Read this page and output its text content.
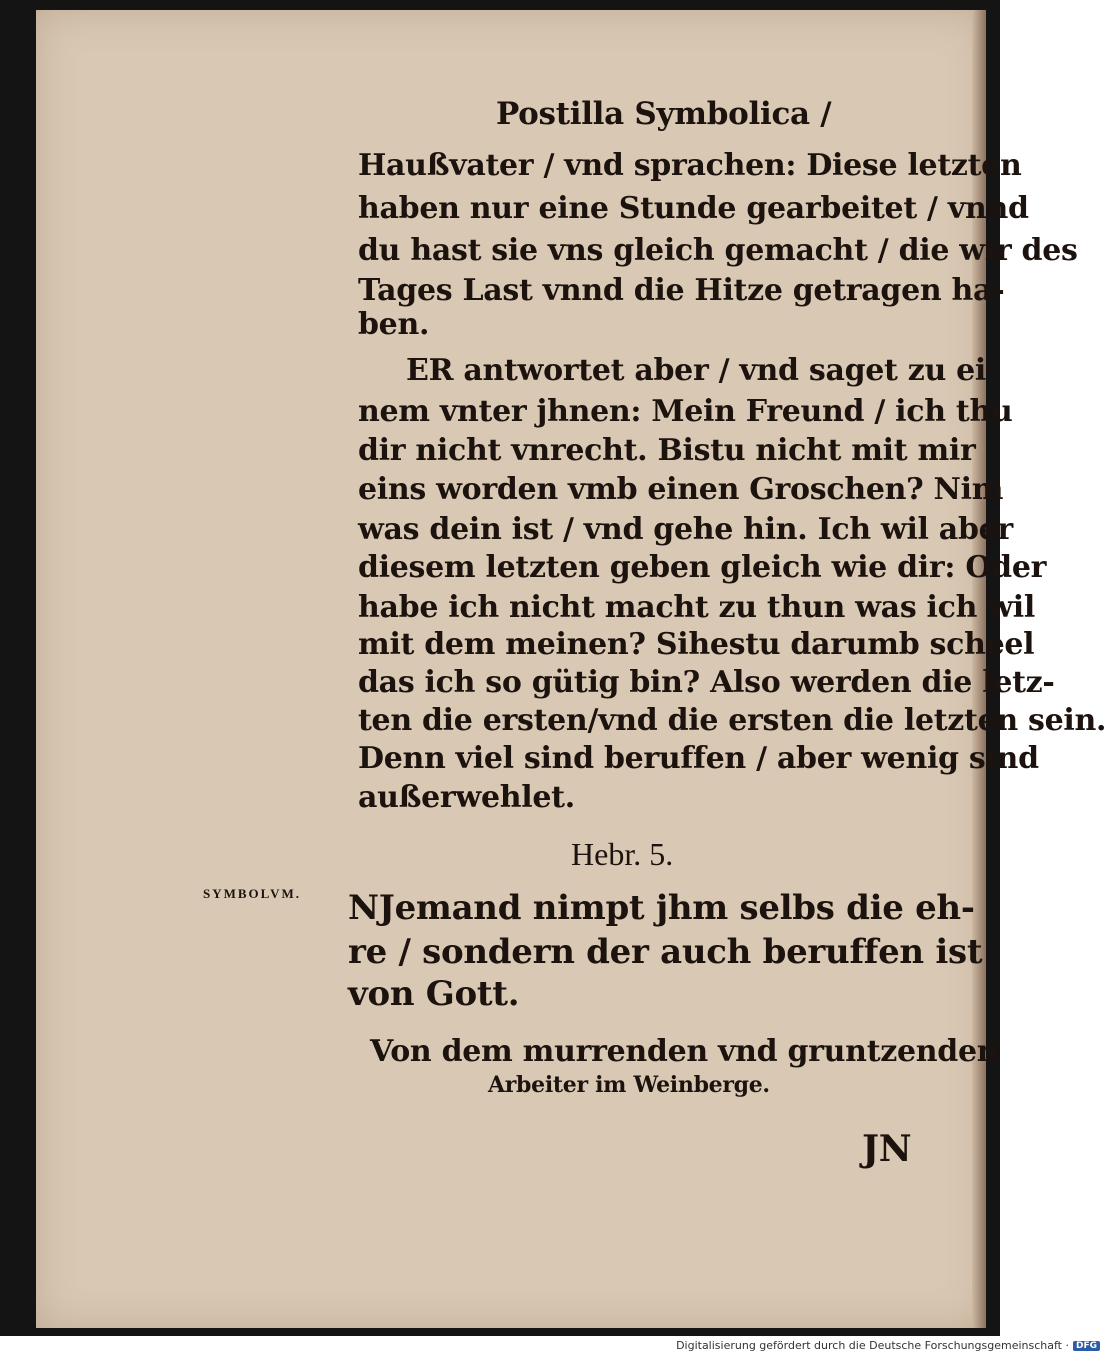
Postilla Symbolica /
Haußvater / vnd sprachen: Diese letzten
haben nur eine Stunde gearbeitet / vnnd
du hast sie vns gleich gemacht / die wir des
Tages Last vnnd die Hitze getragen ha-
ben.
ER antwortet aber / vnd saget zu ei-
nem vnter jhnen: Mein Freund / ich thu
dir nicht vnrecht. Bistu nicht mit mir
eins worden vmb einen Groschen? Nim
was dein ist / vnd gehe hin. Ich wil aber
diesem letzten geben gleich wie dir: Oder
habe ich nicht macht zu thun was ich wil
mit dem meinen? Sihestu darumb scheel
das ich so gütig bin? Also werden die letz-
ten die ersten/vnd die ersten die letzten sein.
Denn viel sind beruffen / aber wenig sind
außerwehlet.
Hebr. 5.
SYMBOLVM. NJemand nimpt jhm selbs die eh-
re / sondern der auch beruffen ist
von Gott.
Von dem murrenden vnd gruntzenden
Arbeiter im Weinberge.
JN
Digitalisierung gefördert durch die Deutsche Forschungsgemeinschaft · DFG
